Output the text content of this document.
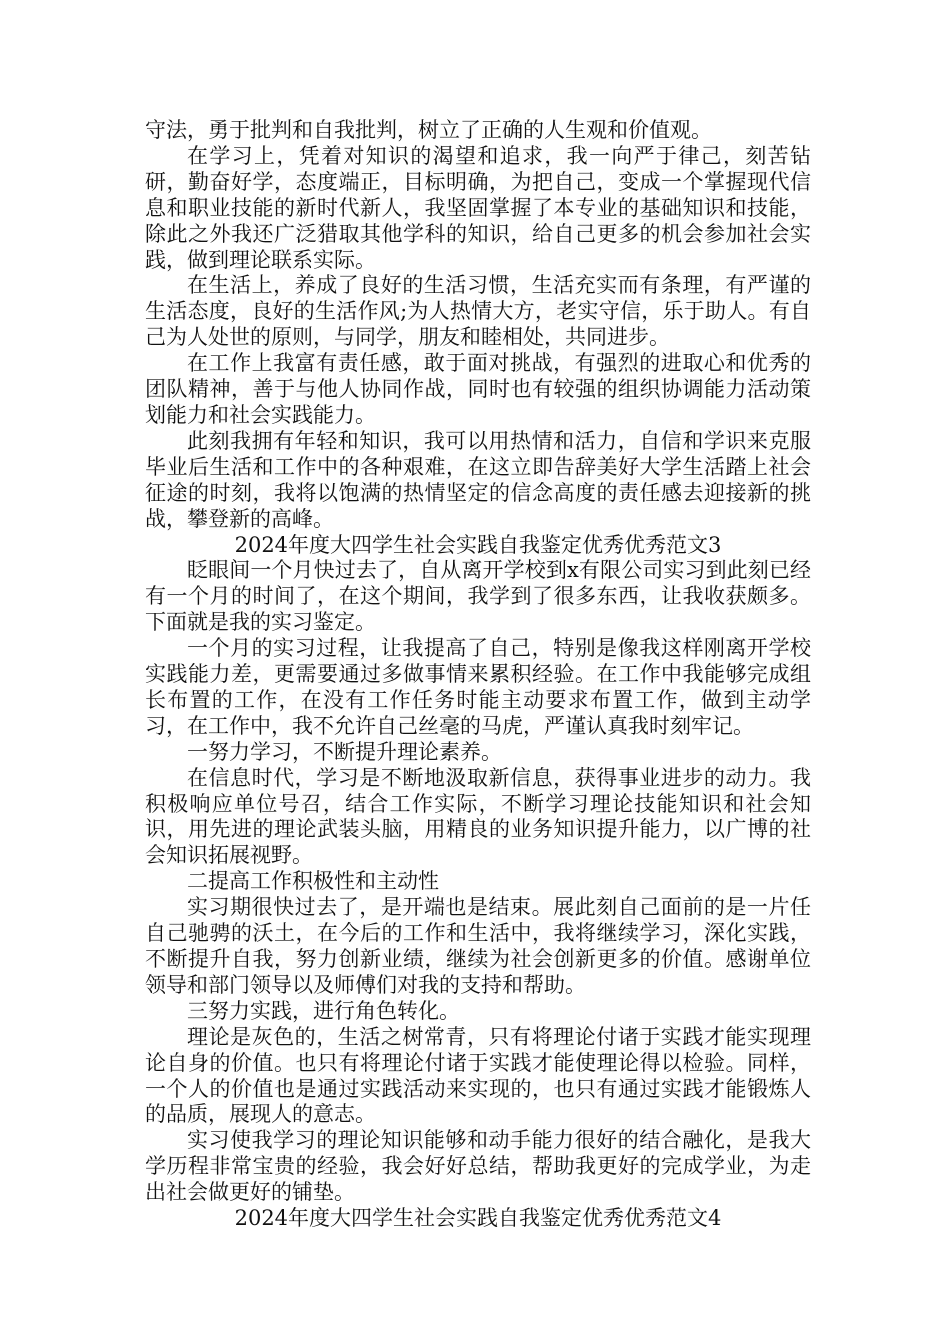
守法，勇于批判和自我批判，树立了正确的人生观和价值观。

在学习上，凭着对知识的渴望和追求，我一向严于律己，刻苦钻研，勤奋好学，态度端正，目标明确，为把自己，变成一个掌握现代信息和职业技能的新时代新人，我坚固掌握了本专业的基础知识和技能，除此之外我还广泛猎取其他学科的知识，给自己更多的机会参加社会实践，做到理论联系实际。

在生活上，养成了良好的生活习惯，生活充实而有条理，有严谨的生活态度，良好的生活作风;为人热情大方，老实守信，乐于助人。有自己为人处世的原则，与同学，朋友和睦相处，共同进步。

在工作上我富有责任感，敢于面对挑战，有强烈的进取心和优秀的团队精神，善于与他人协同作战，同时也有较强的组织协调能力活动策划能力和社会实践能力。

此刻我拥有年轻和知识，我可以用热情和活力，自信和学识来克服毕业后生活和工作中的各种艰难，在这立即告辞美好大学生活踏上社会征途的时刻，我将以饱满的热情坚定的信念高度的责任感去迎接新的挑战，攀登新的高峰。

2024年度大四学生社会实践自我鉴定优秀优秀范文3

眨眼间一个月快过去了，自从离开学校到x有限公司实习到此刻已经有一个月的时间了，在这个期间，我学到了很多东西，让我收获颇多。下面就是我的实习鉴定。

一个月的实习过程，让我提高了自己，特别是像我这样刚离开学校实践能力差，更需要通过多做事情来累积经验。在工作中我能够完成组长布置的工作，在没有工作任务时能主动要求布置工作，做到主动学习，在工作中，我不允许自己丝毫的马虎，严谨认真我时刻牢记。

一努力学习，不断提升理论素养。

在信息时代，学习是不断地汲取新信息，获得事业进步的动力。我积极响应单位号召，结合工作实际，不断学习理论技能知识和社会知识，用先进的理论武装头脑，用精良的业务知识提升能力，以广博的社会知识拓展视野。

二提高工作积极性和主动性

实习期很快过去了，是开端也是结束。展此刻自己面前的是一片任自己驰骋的沃土，在今后的工作和生活中，我将继续学习，深化实践，不断提升自我，努力创新业绩，继续为社会创新更多的价值。感谢单位领导和部门领导以及师傅们对我的支持和帮助。

三努力实践，进行角色转化。

理论是灰色的，生活之树常青，只有将理论付诸于实践才能实现理论自身的价值。也只有将理论付诸于实践才能使理论得以检验。同样，一个人的价值也是通过实践活动来实现的，也只有通过实践才能锻炼人的品质，展现人的意志。

实习使我学习的理论知识能够和动手能力很好的结合融化，是我大学历程非常宝贵的经验，我会好好总结，帮助我更好的完成学业，为走出社会做更好的铺垫。

2024年度大四学生社会实践自我鉴定优秀优秀范文4
